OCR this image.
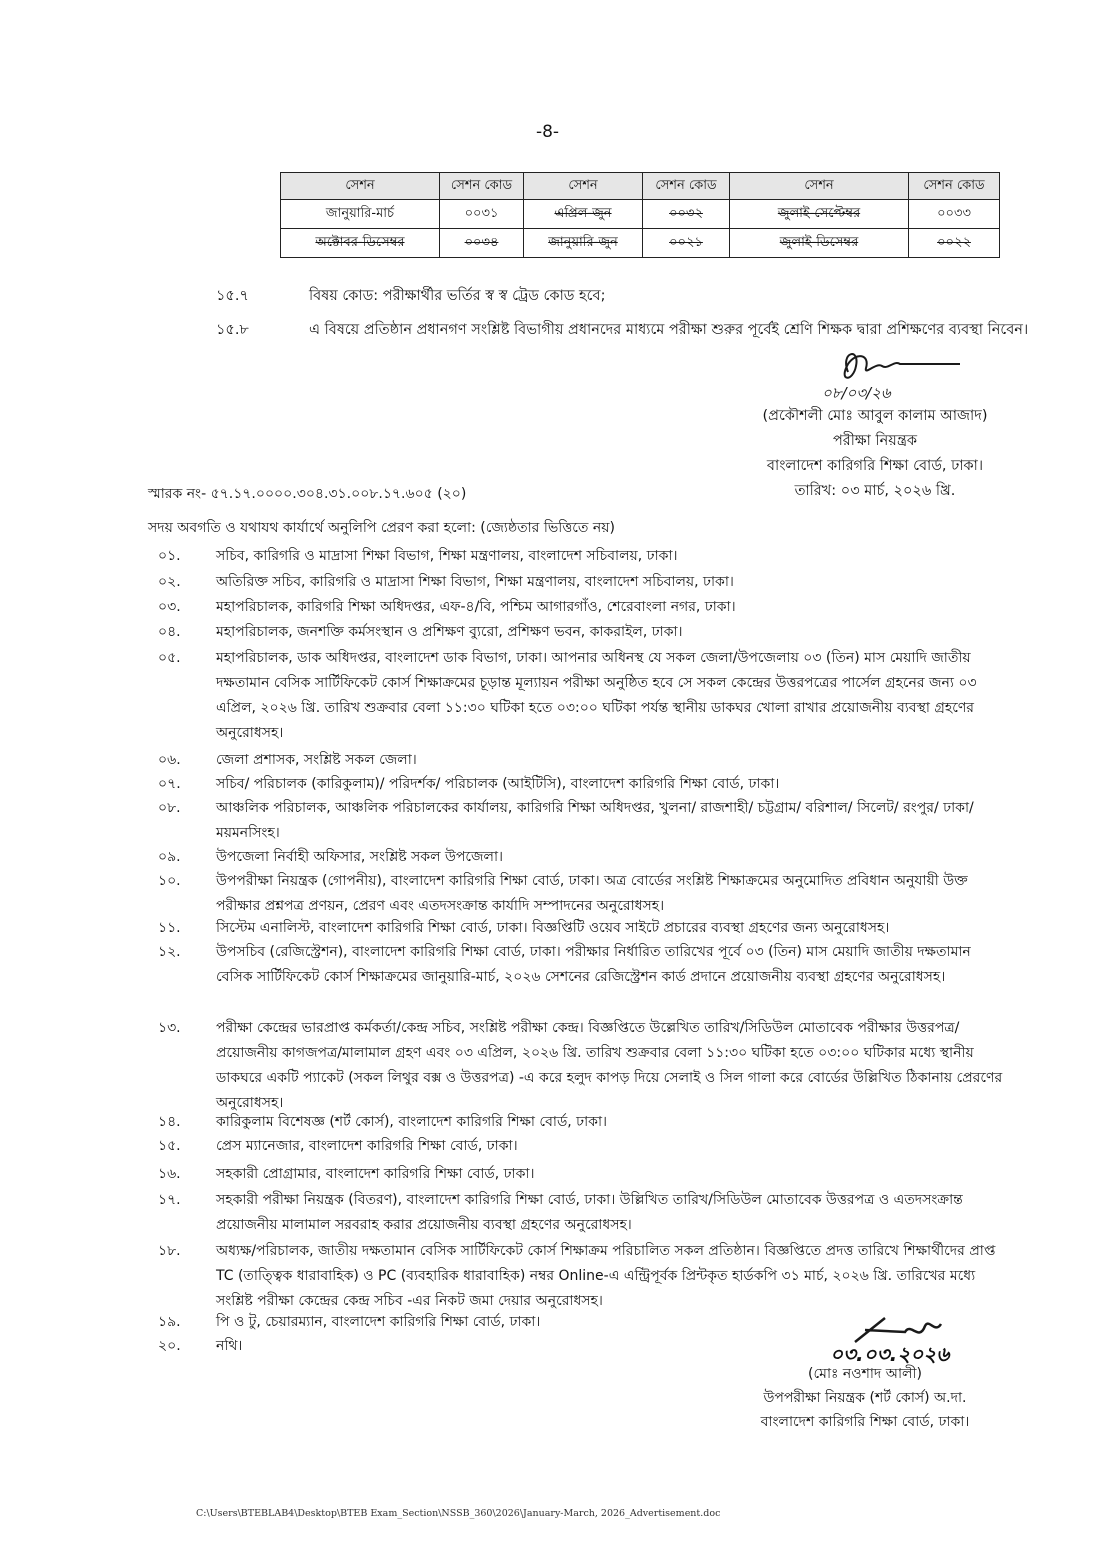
-8-
সেশন	সেশন কোড	সেশন	সেশন কোড	সেশন	সেশন কোড
জানুয়ারি-মার্চ	০০৩১	এপ্রিল-জুন	০০৩২	জুলাই-সেপ্টেম্বর	০০৩৩
অক্টোবর-ডিসেম্বর	০০৩৪	জানুয়ারি-জুন	০০২১	জুলাই-ডিসেম্বর	০০২২
১৫.৭	বিষয় কোড: পরীক্ষার্থীর ভর্তির স্ব স্ব ট্রেড কোড হবে;
১৫.৮	এ বিষয়ে প্রতিষ্ঠান প্রধানগণ সংশ্লিষ্ট বিভাগীয় প্রধানদের মাধ্যমে পরীক্ষা শুরুর পূর্বেই শ্রেণি শিক্ষক দ্বারা প্রশিক্ষণের ব্যবস্থা নিবেন।
০৮/০৩/২৬
(প্রকৌশলী মোঃ আবুল কালাম আজাদ)
পরীক্ষা নিয়ন্ত্রক
বাংলাদেশ কারিগরি শিক্ষা বোর্ড, ঢাকা।
তারিখ: ০৩ মার্চ, ২০২৬ খ্রি.
স্মারক নং- ৫৭.১৭.০০০০.৩০৪.৩১.০০৮.১৭.৬০৫ (২০)
সদয় অবগতি ও যথাযথ কার্যার্থে অনুলিপি প্রেরণ করা হলো: (জ্যেষ্ঠতার ভিত্তিতে নয়)
০১.	সচিব, কারিগরি ও মাদ্রাসা শিক্ষা বিভাগ, শিক্ষা মন্ত্রণালয়, বাংলাদেশ সচিবালয়, ঢাকা।
০২.	অতিরিক্ত সচিব, কারিগরি ও মাদ্রাসা শিক্ষা বিভাগ, শিক্ষা মন্ত্রণালয়, বাংলাদেশ সচিবালয়, ঢাকা।
০৩.	মহাপরিচালক, কারিগরি শিক্ষা অধিদপ্তর, এফ-৪/বি, পশ্চিম আগারগাঁও, শেরেবাংলা নগর, ঢাকা।
০৪.	মহাপরিচালক, জনশক্তি কর্মসংস্থান ও প্রশিক্ষণ ব্যুরো, প্রশিক্ষণ ভবন, কাকরাইল, ঢাকা।
০৫.	মহাপরিচালক, ডাক অধিদপ্তর, বাংলাদেশ ডাক বিভাগ, ঢাকা। আপনার অধিনস্থ যে সকল জেলা/উপজেলায় ০৩ (তিন) মাস মেয়াদি জাতীয় দক্ষতামান বেসিক সার্টিফিকেট কোর্স শিক্ষাক্রমের চূড়ান্ত মূল্যায়ন পরীক্ষা অনুষ্ঠিত হবে সে সকল কেন্দ্রের উত্তরপত্রের পার্সেল গ্রহনের জন্য ০৩ এপ্রিল, ২০২৬ খ্রি. তারিখ শুক্রবার বেলা ১১:৩০ ঘটিকা হতে ০৩:০০ ঘটিকা পর্যন্ত স্থানীয় ডাকঘর খোলা রাখার প্রয়োজনীয় ব্যবস্থা গ্রহণের অনুরোধসহ।
০৬.	জেলা প্রশাসক, সংশ্লিষ্ট সকল জেলা।
০৭.	সচিব/ পরিচালক (কারিকুলাম)/ পরিদর্শক/ পরিচালক (আইটিসি), বাংলাদেশ কারিগরি শিক্ষা বোর্ড, ঢাকা।
০৮.	আঞ্চলিক পরিচালক, আঞ্চলিক পরিচালকের কার্যালয়, কারিগরি শিক্ষা অধিদপ্তর, খুলনা/ রাজশাহী/ চট্টগ্রাম/ বরিশাল/ সিলেট/ রংপুর/ ঢাকা/ ময়মনসিংহ।
০৯.	উপজেলা নির্বাহী অফিসার, সংশ্লিষ্ট সকল উপজেলা।
১০.	উপপরীক্ষা নিয়ন্ত্রক (গোপনীয়), বাংলাদেশ কারিগরি শিক্ষা বোর্ড, ঢাকা। অত্র বোর্ডের সংশ্লিষ্ট শিক্ষাক্রমের অনুমোদিত প্রবিধান অনুযায়ী উক্ত পরীক্ষার প্রশ্নপত্র প্রণয়ন, প্রেরণ এবং এতদসংক্রান্ত কার্যাদি সম্পাদনের অনুরোধসহ।
১১.	সিস্টেম এনালিস্ট, বাংলাদেশ কারিগরি শিক্ষা বোর্ড, ঢাকা। বিজ্ঞপ্তিটি ওয়েব সাইটে প্রচারের ব্যবস্থা গ্রহণের জন্য অনুরোধসহ।
১২.	উপসচিব (রেজিস্ট্রেশন), বাংলাদেশ কারিগরি শিক্ষা বোর্ড, ঢাকা। পরীক্ষার নির্ধারিত তারিখের পূর্বে ০৩ (তিন) মাস মেয়াদি জাতীয় দক্ষতামান বেসিক সার্টিফিকেট কোর্স শিক্ষাক্রমের জানুয়ারি-মার্চ, ২০২৬ সেশনের রেজিস্ট্রেশন কার্ড প্রদানে প্রয়োজনীয় ব্যবস্থা গ্রহণের অনুরোধসহ।
১৩.	পরীক্ষা কেন্দ্রের ভারপ্রাপ্ত কর্মকর্তা/কেন্দ্র সচিব, সংশ্লিষ্ট পরীক্ষা কেন্দ্র। বিজ্ঞপ্তিতে উল্লেখিত তারিখ/সিডিউল মোতাবেক পরীক্ষার উত্তরপত্র/প্রয়োজনীয় কাগজপত্র/মালামাল গ্রহণ এবং ০৩ এপ্রিল, ২০২৬ খ্রি. তারিখ শুক্রবার বেলা ১১:৩০ ঘটিকা হতে ০৩:০০ ঘটিকার মধ্যে স্থানীয় ডাকঘরে একটি প্যাকেট (সকল লিথুর বক্স ও উত্তরপত্র) -এ করে হলুদ কাপড় দিয়ে সেলাই ও সিল গালা করে বোর্ডের উল্লিখিত ঠিকানায় প্রেরণের অনুরোধসহ।
১৪.	কারিকুলাম বিশেষজ্ঞ (শর্ট কোর্স), বাংলাদেশ কারিগরি শিক্ষা বোর্ড, ঢাকা।
১৫.	প্রেস ম্যানেজার, বাংলাদেশ কারিগরি শিক্ষা বোর্ড, ঢাকা।
১৬.	সহকারী প্রোগ্রামার, বাংলাদেশ কারিগরি শিক্ষা বোর্ড, ঢাকা।
১৭.	সহকারী পরীক্ষা নিয়ন্ত্রক (বিতরণ), বাংলাদেশ কারিগরি শিক্ষা বোর্ড, ঢাকা। উল্লিখিত তারিখ/সিডিউল মোতাবেক উত্তরপত্র ও এতদসংক্রান্ত প্রয়োজনীয় মালামাল সরবরাহ করার প্রয়োজনীয় ব্যবস্থা গ্রহণের অনুরোধসহ।
১৮.	অধ্যক্ষ/পরিচালক, জাতীয় দক্ষতামান বেসিক সার্টিফিকেট কোর্স শিক্ষাক্রম পরিচালিত সকল প্রতিষ্ঠান। বিজ্ঞপ্তিতে প্রদত্ত তারিখে শিক্ষার্থীদের প্রাপ্ত TC (তাত্ত্বিক ধারাবাহিক) ও PC (ব্যবহারিক ধারাবাহিক) নম্বর Online-এ এন্ট্রিপূর্বক প্রিন্টকৃত হার্ডকপি ৩১ মার্চ, ২০২৬ খ্রি. তারিখের মধ্যে সংশ্লিষ্ট পরীক্ষা কেন্দ্রের কেন্দ্র সচিব -এর নিকট জমা দেয়ার অনুরোধসহ।
১৯.	পি ও টু, চেয়ারম্যান, বাংলাদেশ কারিগরি শিক্ষা বোর্ড, ঢাকা।
২০.	নথি।	০৩.০৩.২০২৬
(মোঃ নওশাদ আলী)
উপপরীক্ষা নিয়ন্ত্রক (শর্ট কোর্স) অ.দা.
বাংলাদেশ কারিগরি শিক্ষা বোর্ড, ঢাকা।
C:\Users\BTEBLAB4\Desktop\BTEB Exam_Section\NSSB_360\2026\January-March, 2026_Advertisement.doc
